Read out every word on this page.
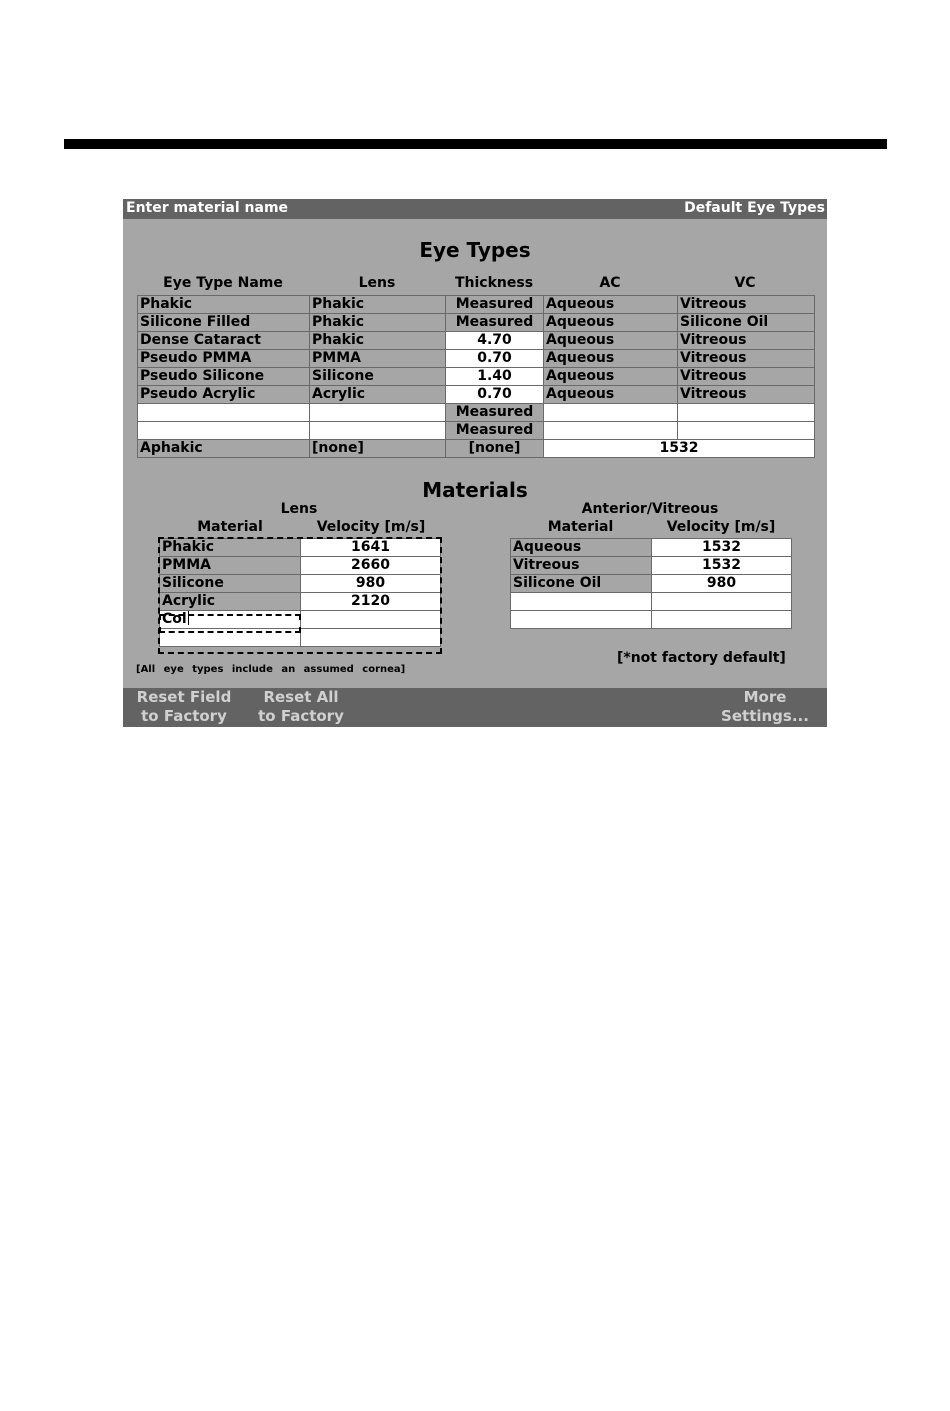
Enter material name	Default Eye Types
Eye Types
Eye Type Name	Lens	Thickness	AC	VC
Phakic	Phakic	Measured	Aqueous	Vitreous
Silicone Filled	Phakic	Measured	Aqueous	Silicone Oil
Dense Cataract	Phakic	4.70	Aqueous	Vitreous
Pseudo PMMA	PMMA	0.70	Aqueous	Vitreous
Pseudo Silicone	Silicone	1.40	Aqueous	Vitreous
Pseudo Acrylic	Acrylic	0.70	Aqueous	Vitreous
		Measured		
		Measured		
Aphakic	[none]	[none]	1532	
Materials
Lens
Material	Velocity [m/s]
Phakic	1641
PMMA	2660
Silicone	980
Acrylic	2120
Col	

Anterior/Vitreous
Material	Velocity [m/s]
Aqueous	1532
Vitreous	1532
Silicone Oil	980

[All eye types include an assumed cornea]
[*not factory default]
Reset Field
to Factory
Reset All
to Factory
More
Settings...
